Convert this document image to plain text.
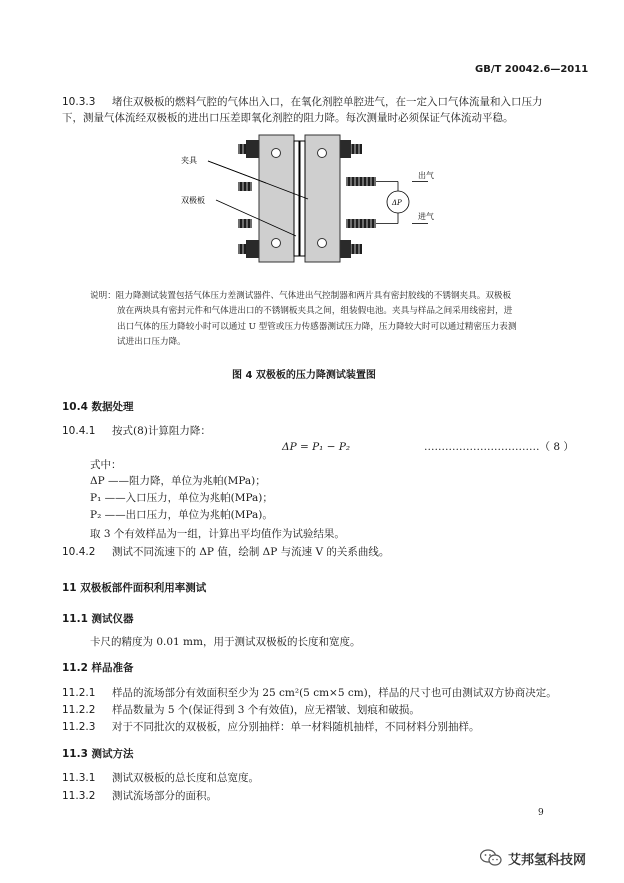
GB/T 20042.6—2011
10.3.3 堵住双极板的燃料气腔的气体出入口，在氧化剂腔单腔进气，在一定入口气体流量和入口压力
下，测量气体流经双极板的进出口压差即氧化剂腔的阻力降。每次测量时必须保证气体流动平稳。
夹具
双极板	ΔP
出气
进气
说明：阻力降测试装置包括气体压力差测试器件、气体进出气控制器和两片具有密封胶线的不锈钢夹具。双极板
放在两块具有密封元件和气体进出口的不锈钢板夹具之间，组装假电池。夹具与样品之间采用线密封，进
出口气体的压力降较小时可以通过 U 型管或压力传感器测试压力降，压力降较大时可以通过精密压力表测
试进出口压力降。
图 4 双极板的压力降测试装置图
10.4 数据处理
10.4.1 按式(8)计算阻力降：
ΔP = P₁ − P₂	……………………………（ 8 ）
式中：
ΔP ——阻力降，单位为兆帕(MPa)；
P₁ ——入口压力，单位为兆帕(MPa)；
P₂ ——出口压力，单位为兆帕(MPa)。
取 3 个有效样品为一组，计算出平均值作为试验结果。
10.4.2 测试不同流速下的 ΔP 值，绘制 ΔP 与流速 V 的关系曲线。
11 双极板部件面积利用率测试
11.1 测试仪器
卡尺的精度为 0.01 mm，用于测试双极板的长度和宽度。
11.2 样品准备
11.2.1 样品的流场部分有效面积至少为 25 cm²(5 cm×5 cm)，样品的尺寸也可由测试双方协商决定。
11.2.2 样品数量为 5 个(保证得到 3 个有效值)，应无褶皱、划痕和破损。
11.2.3 对于不同批次的双极板，应分别抽样：单一材料随机抽样，不同材料分别抽样。
11.3 测试方法
11.3.1 测试双极板的总长度和总宽度。
11.3.2 测试流场部分的面积。
9
艾邦氢科技网
